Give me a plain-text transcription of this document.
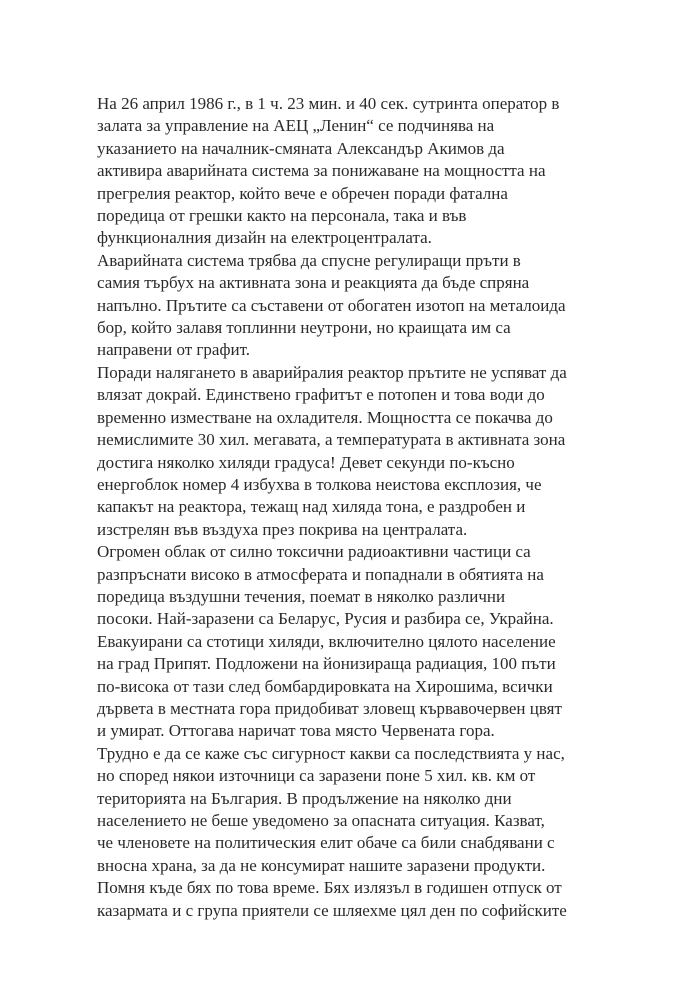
На 26 април 1986 г., в 1 ч. 23 мин. и 40 сек. сутринта оператор в
залата за управление на АЕЦ „Ленин“ се подчинява на
указанието на началник-смяната Александър Акимов да
активира аварийната система за понижаване на мощността на
прегрелия реактор, който вече е обречен поради фатална
поредица от грешки както на персонала, така и във
функционалния дизайн на електроцентралата.
Аварийната система трябва да спусне регулиращи пръти в
самия търбух на активната зона и реакцията да бъде спряна
напълно. Прътите са съставени от обогатен изотоп на металоида
бор, който залавя топлинни неутрони, но краищата им са
направени от графит.
Поради налягането в аварийралия реактор прътите не успяват да
влязат докрай. Единствено графитът е потопен и това води до
временно изместване на охладителя. Мощността се покачва до
немислимите 30 хил. мегавата, а температурата в активната зона
достига няколко хиляди градуса! Девет секунди по-късно
енергоблок номер 4 избухва в толкова неистова експлозия, че
капакът на реактора, тежащ над хиляда тона, е раздробен и
изстрелян във въздуха през покрива на централата.
Огромен облак от силно токсични радиоактивни частици са
разпръснати високо в атмосферата и попаднали в обятията на
поредица въздушни течения, поемат в няколко различни
посоки. Най-заразени са Беларус, Русия и разбира се, Украйна.
Евакуирани са стотици хиляди, включително цялото население
на град Припят. Подложени на йонизираща радиация, 100 пъти
по-висока от тази след бомбардировката на Хирошима, всички
дървета в местната гора придобиват зловещ кървавочервен цвят
и умират. Оттогава наричат това място Червената гора.
Трудно е да се каже със сигурност какви са последствията у нас,
но според някои източници са заразени поне 5 хил. кв. км от
територията на България. В продължение на няколко дни
населението не беше уведомено за опасната ситуация. Казват,
че членовете на политическия елит обаче са били снабдявани с
вносна храна, за да не консумират нашите заразени продукти.
Помня къде бях по това време. Бях излязъл в годишен отпуск от
казармата и с група приятели се шляехме цял ден по софийските
